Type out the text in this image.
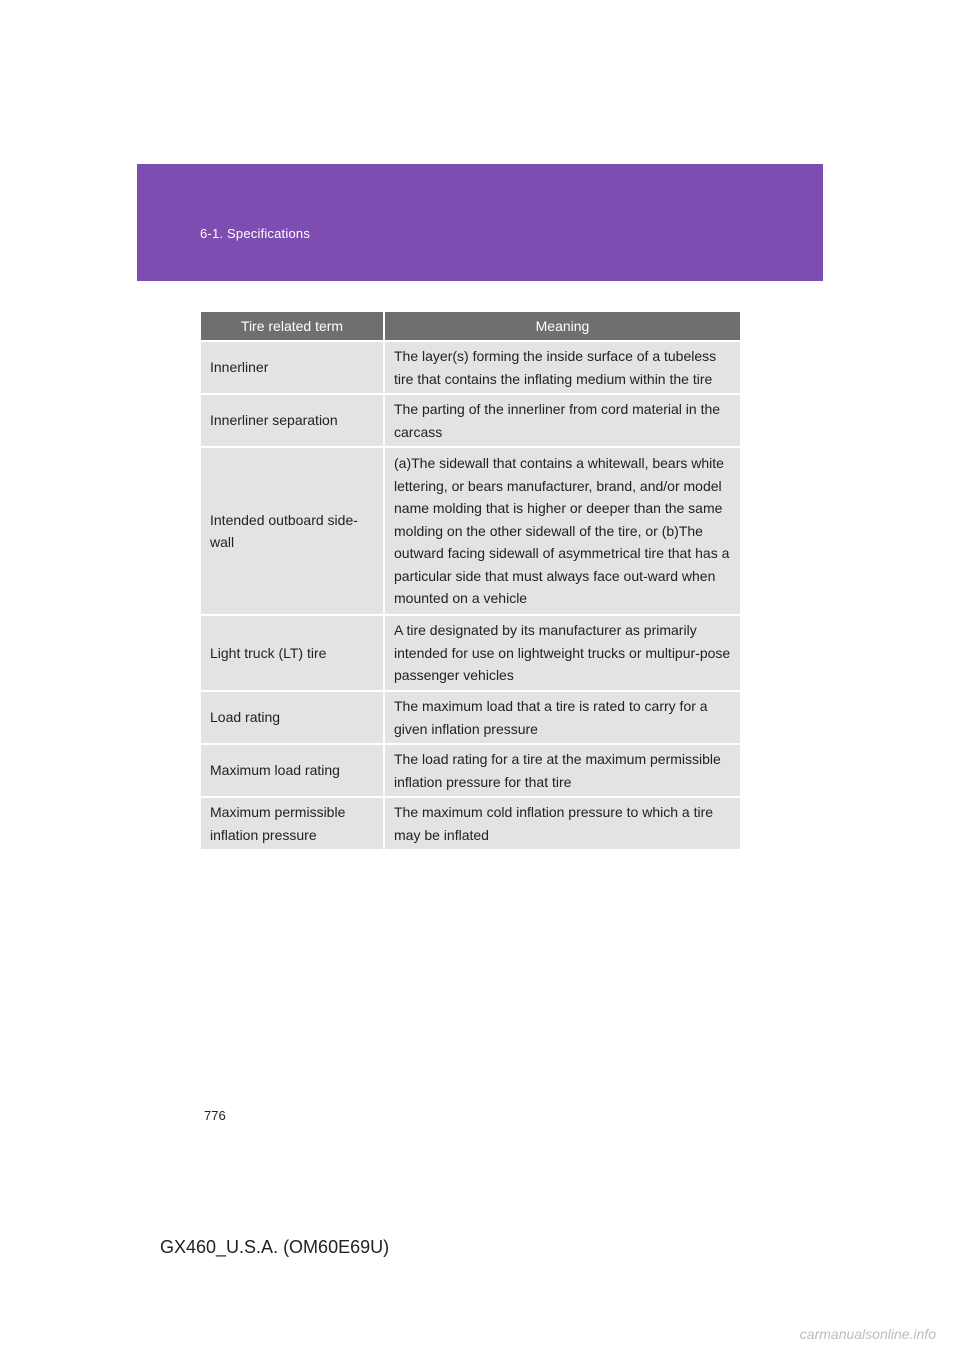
6-1. Specifications
Tire related term	Meaning
Innerliner	The layer(s) forming the inside surface of a tubeless tire that contains the inflating medium within the tire
Innerliner separation	The parting of the innerliner from cord material in the carcass
Intended outboard side-wall	(a)The sidewall that contains a whitewall, bears white lettering, or bears manufacturer, brand, and/or model name molding that is higher or deeper than the same molding on the other sidewall of the tire, or (b)The outward facing sidewall of asymmetrical tire that has a particular side that must always face out-ward when mounted on a vehicle
Light truck (LT) tire	A tire designated by its manufacturer as primarily intended for use on lightweight trucks or multipur-pose passenger vehicles
Load rating	The maximum load that a tire is rated to carry for a given inflation pressure
Maximum load rating	The load rating for a tire at the maximum permissible inflation pressure for that tire
Maximum permissible inflation pressure	The maximum cold inflation pressure to which a tire may be inflated
776
GX460_U.S.A. (OM60E69U)
carmanualsonline.info
